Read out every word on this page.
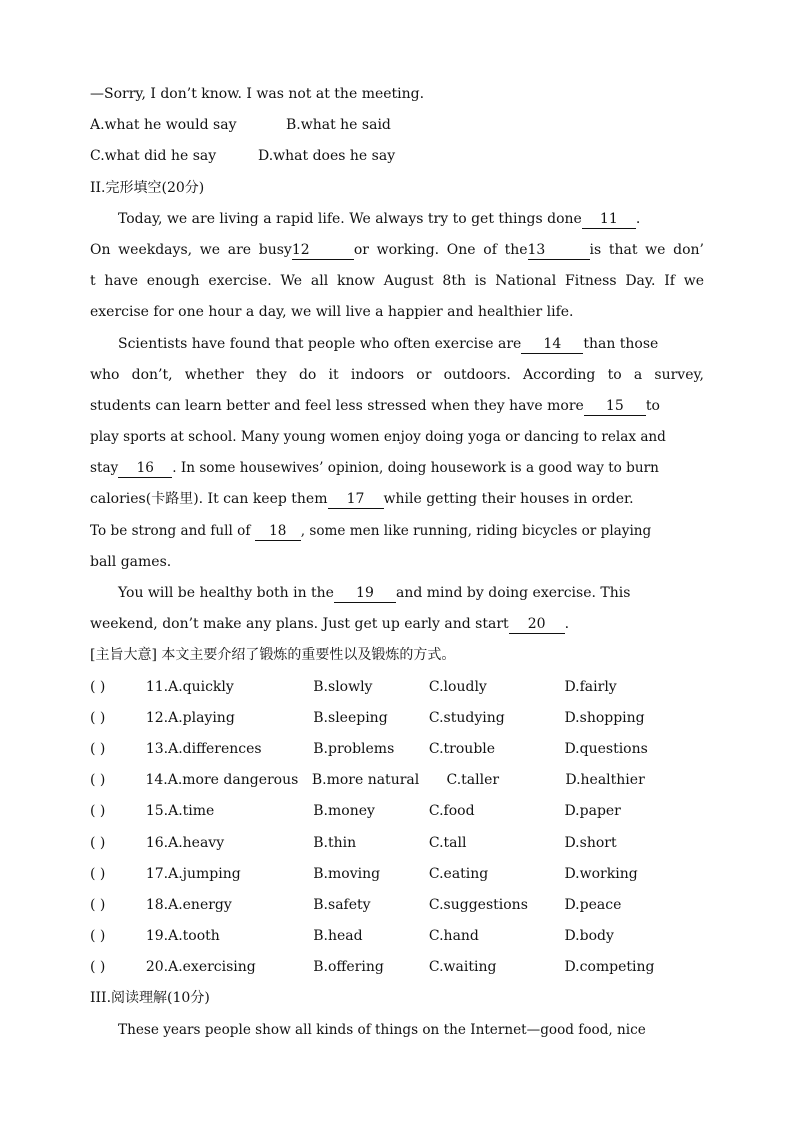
—Sorry, I don’t know. I was not at the meeting.
A.what he would say	B.what he said
C.what did he say	D.what does he say
II.完形填空(20分)
Today, we are living a rapid life. We always try to get things done 11 .
On weekdays, we are busy12	or working. One of the13	is that we don’
t have enough exercise. We all know August 8th is National Fitness Day. If we
exercise for one hour a day, we will live a happier and healthier life.
Scientists have found that people who often exercise are 14 than those
who don’t, whether they do it indoors or outdoors. According to a survey,
students can learn better and feel less stressed when they have more 15 to
play sports at school. Many young women enjoy doing yoga or dancing to relax and
stay 16 . In some housewives’ opinion, doing housework is a good way to burn
calories(卡路里). It can keep them 17 while getting their houses in order.
To be strong and full of 18 , some men like running, riding bicycles or playing
ball games.
You will be healthy both in the 19 and mind by doing exercise. This
weekend, don’t make any plans. Just get up early and start 20 .
[主旨大意] 本文主要介绍了锻炼的重要性以及锻炼的方式。
( )	11.A.quickly	B.slowly	C.loudly	D.fairly
( )	12.A.playing	B.sleeping	C.studying	D.shopping
( )	13.A.differences	B.problems	C.trouble	D.questions
( )	14.A.more dangerous B.more natural	C.taller	D.healthier
( )	15.A.time	B.money	C.food	D.paper
( )	16.A.heavy	B.thin	C.tall	D.short
( )	17.A.jumping	B.moving	C.eating	D.working
( )	18.A.energy	B.safety	C.suggestions	D.peace
( )	19.A.tooth	B.head	C.hand	D.body
( )	20.A.exercising	B.offering	C.waiting	D.competing
III.阅读理解(10分)
These years people show all kinds of things on the Internet—good food, nice
